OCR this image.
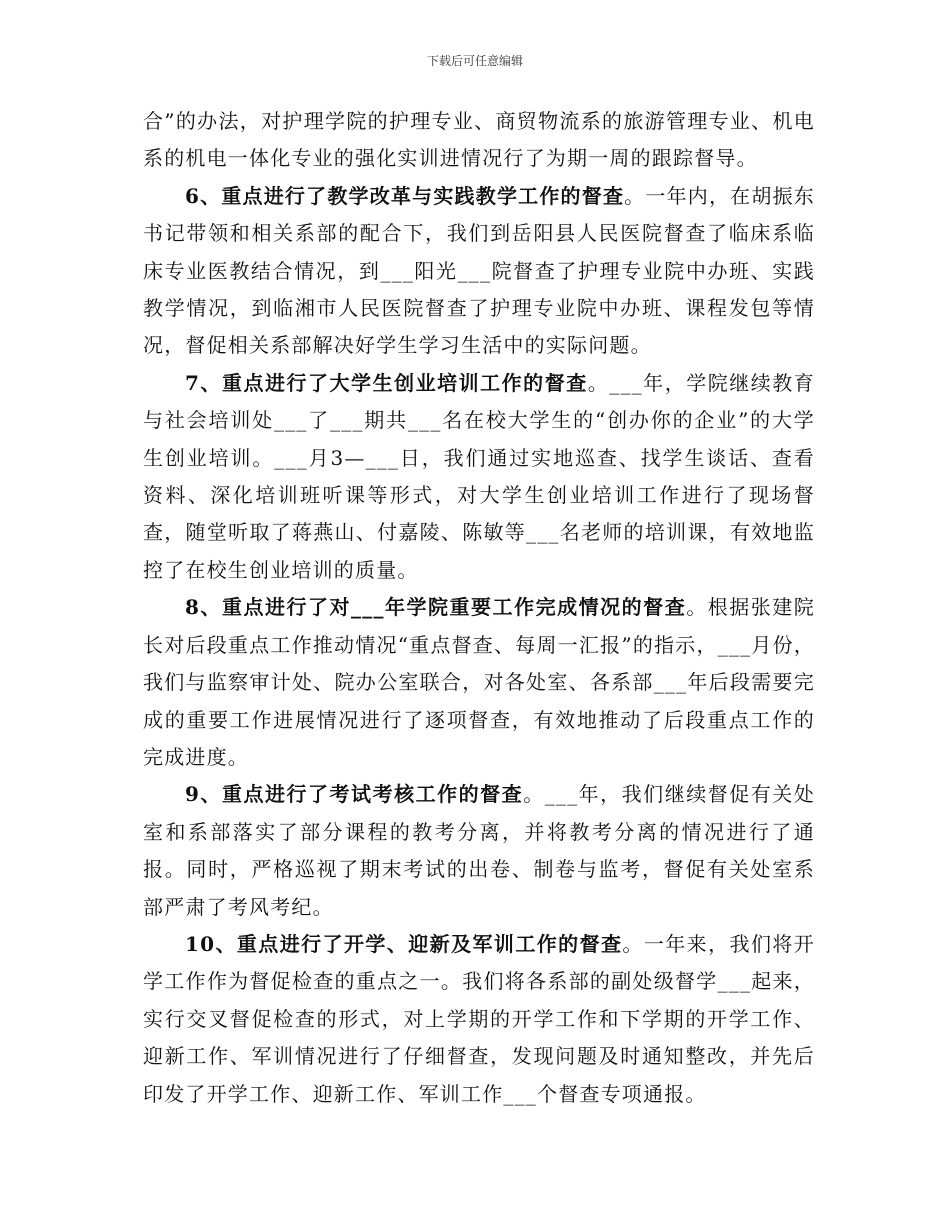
下载后可任意编辑

合”的办法，对护理学院的护理专业、商贸物流系的旅游管理专业、机电系的机电一体化专业的强化实训进情况行了为期一周的跟踪督导。

6、重点进行了教学改革与实践教学工作的督查。一年内，在胡振东书记带领和相关系部的配合下，我们到岳阳县人民医院督查了临床系临床专业医教结合情况，到___阳光___院督查了护理专业院中办班、实践教学情况，到临湘市人民医院督查了护理专业院中办班、课程发包等情况，督促相关系部解决好学生学习生活中的实际问题。

7、重点进行了大学生创业培训工作的督查。___年，学院继续教育与社会培训处___了___期共___名在校大学生的“创办你的企业”的大学生创业培训。___月3—___日，我们通过实地巡查、找学生谈话、查看资料、深化培训班听课等形式，对大学生创业培训工作进行了现场督查，随堂听取了蒋燕山、付嘉陵、陈敏等___名老师的培训课，有效地监控了在校生创业培训的质量。

8、重点进行了对___年学院重要工作完成情况的督查。根据张建院长对后段重点工作推动情况“重点督查、每周一汇报”的指示，___月份，我们与监察审计处、院办公室联合，对各处室、各系部___年后段需要完成的重要工作进展情况进行了逐项督查，有效地推动了后段重点工作的完成进度。

9、重点进行了考试考核工作的督查。___年，我们继续督促有关处室和系部落实了部分课程的教考分离，并将教考分离的情况进行了通报。同时，严格巡视了期末考试的出卷、制卷与监考，督促有关处室系部严肃了考风考纪。

10、重点进行了开学、迎新及军训工作的督查。一年来，我们将开学工作作为督促检查的重点之一。我们将各系部的副处级督学___起来，实行交叉督促检查的形式，对上学期的开学工作和下学期的开学工作、迎新工作、军训情况进行了仔细督查，发现问题及时通知整改，并先后印发了开学工作、迎新工作、军训工作___个督查专项通报。
